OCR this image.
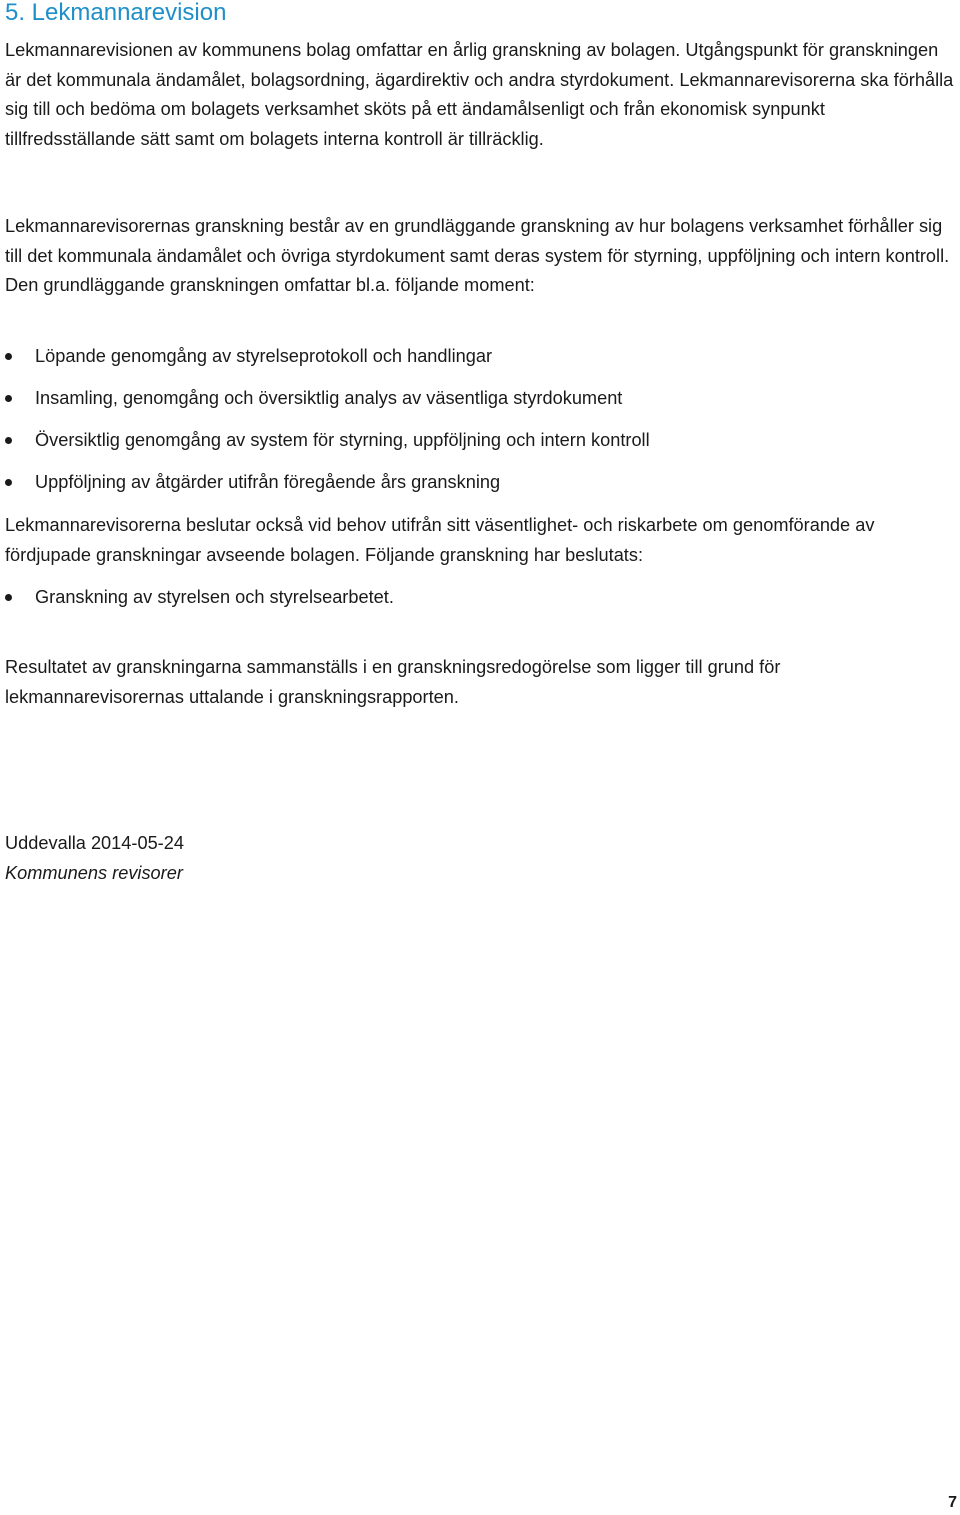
5. Lekmannarevision

Lekmannarevisionen av kommunens bolag omfattar en årlig granskning av bolagen. Utgångspunkt för granskningen är det kommunala ändamålet, bolagsordning, ägardirektiv och andra styrdokument. Lekmannarevisorerna ska förhålla sig till och bedöma om bolagets verksamhet sköts på ett ändamålsenligt och från ekonomisk synpunkt tillfredsställande sätt samt om bolagets interna kontroll är tillräcklig.

Lekmannarevisorernas granskning består av en grundläggande granskning av hur bolagens verksamhet förhåller sig till det kommunala ändamålet och övriga styrdokument samt deras system för styrning, uppföljning och intern kontroll. Den grundläggande granskningen omfattar bl.a. följande moment:

Löpande genomgång av styrelseprotokoll och handlingar
Insamling, genomgång och översiktlig analys av väsentliga styrdokument
Översiktlig genomgång av system för styrning, uppföljning och intern kontroll
Uppföljning av åtgärder utifrån föregående års granskning

Lekmannarevisorerna beslutar också vid behov utifrån sitt väsentlighet- och riskarbete om genomförande av fördjupade granskningar avseende bolagen. Följande granskning har beslutats:

Granskning av styrelsen och styrelsearbetet.

Resultatet av granskningarna sammanställs i en granskningsredogörelse som ligger till grund för lekmannarevisorernas uttalande i granskningsrapporten.

Uddevalla 2014-05-24

Kommunens revisorer

7
